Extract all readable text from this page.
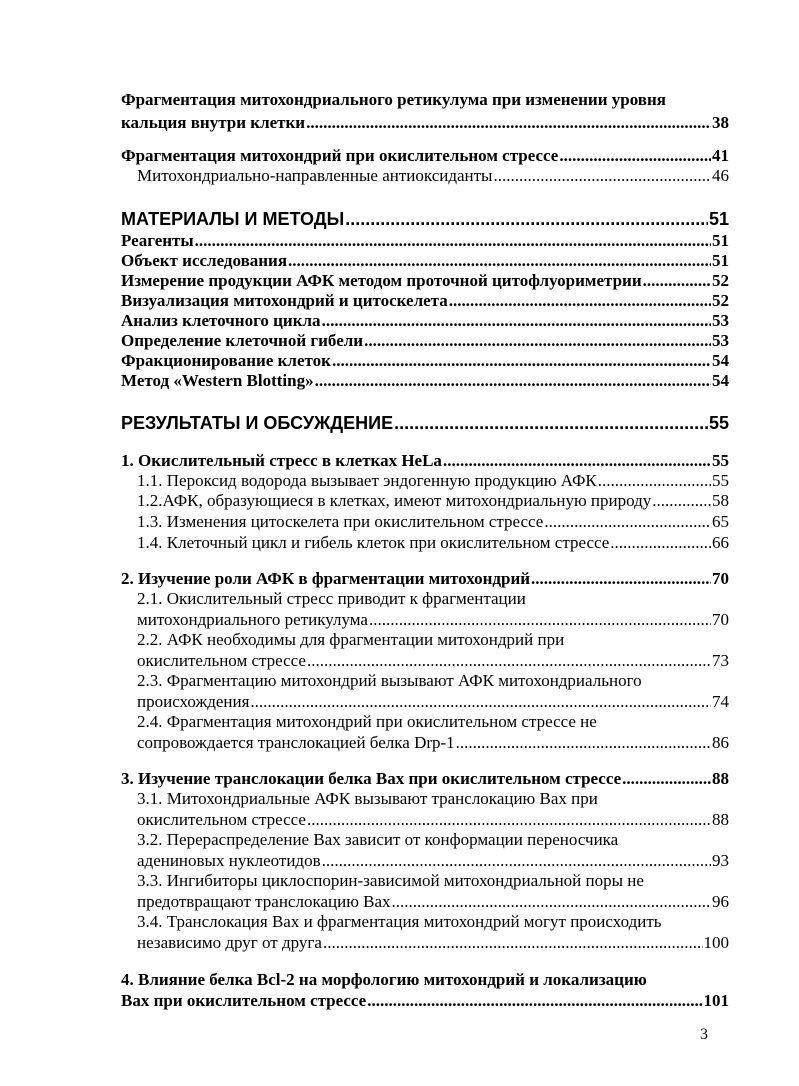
Фрагментация митохондриального ретикулума при изменении уровня
кальция внутри клетки .....	38
Фрагментация митохондрий при окислительном стрессе .....	41
Митохондриально-направленные антиоксиданты .....	46
МАТЕРИАЛЫ И МЕТОДЫ .....	51
Реагенты .....	51
Объект исследования .....	51
Измерение продукции АФК методом проточной цитофлуориметрии .....	52
Визуализация митохондрий и цитоскелета .....	52
Анализ клеточного цикла .....	53
Определение клеточной гибели .....	53
Фракционирование клеток .....	54
Метод «Western Blotting» .....	54
РЕЗУЛЬТАТЫ И ОБСУЖДЕНИЕ .....	55
1. Окислительный стресс в клетках HeLa .....	55
1.1. Пероксид водорода вызывает эндогенную продукцию АФК .....	55
1.2.АФК, образующиеся в клетках, имеют митохондриальную природу .....	58
1.3. Изменения цитоскелета при окислительном стрессе .....	65
1.4. Клеточный цикл и гибель клеток при окислительном стрессе .....	66
2. Изучение роли АФК в фрагментации митохондрий .....	70
2.1. Окислительный стресс приводит к фрагментации
митохондриального ретикулума .....	70
2.2. АФК необходимы для фрагментации митохондрий при
окислительном стрессе .....	73
2.3. Фрагментацию митохондрий вызывают АФК митохондриального
происхождения .....	74
2.4. Фрагментация митохондрий при окислительном стрессе не
сопровождается транслокацией белка Drp-1 .....	86
3. Изучение транслокации белка Bax при окислительном стрессе .....	88
3.1. Митохондриальные АФК вызывают транслокацию Bax при
окислительном стрессе .....	88
3.2. Перераспределение Bax зависит от конформации переносчика
адениновых нуклеотидов .....	93
3.3. Ингибиторы циклоспорин-зависимой митохондриальной поры не
предотвращают транслокацию Bax .....	96
3.4. Транслокация Bax и фрагментация митохондрий могут происходить
независимо друг от друга .....	100
4. Влияние белка Bcl-2 на морфологию митохондрий и локализацию
Bax при окислительном стрессе .....	101
3
